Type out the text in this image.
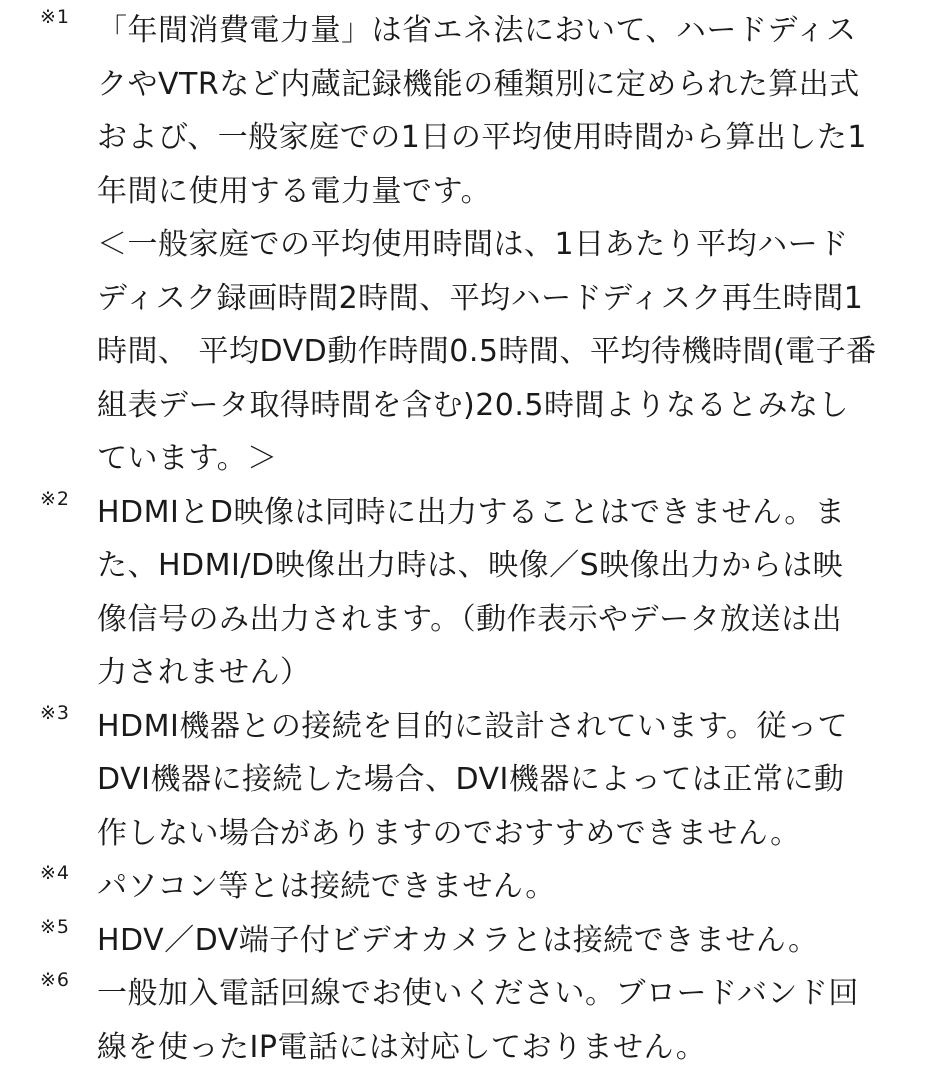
※1 「年間消費電力量」は省エネ法において、ハードディス
クやVTRなど内蔵記録機能の種類別に定められた算出式
および、一般家庭での1日の平均使用時間から算出した1
年間に使用する電力量です。
＜一般家庭での平均使用時間は、1日あたり平均ハード
ディスク録画時間2時間、平均ハードディスク再生時間1
時間、 平均DVD動作時間0.5時間、平均待機時間(電子番
組表データ取得時間を含む)20.5時間よりなるとみなし
ています。＞
※2 HDMIとD映像は同時に出力することはできません。ま
た、HDMI/D映像出力時は、映像／S映像出力からは映
像信号のみ出力されます。（動作表示やデータ放送は出
力されません）
※3 HDMI機器との接続を目的に設計されています。従って
DVI機器に接続した場合、DVI機器によっては正常に動
作しない場合がありますのでおすすめできません。
※4 パソコン等とは接続できません。
※5 HDV／DV端子付ビデオカメラとは接続できません。
※6 一般加入電話回線でお使いください。ブロードバンド回
線を使ったIP電話には対応しておりません。
